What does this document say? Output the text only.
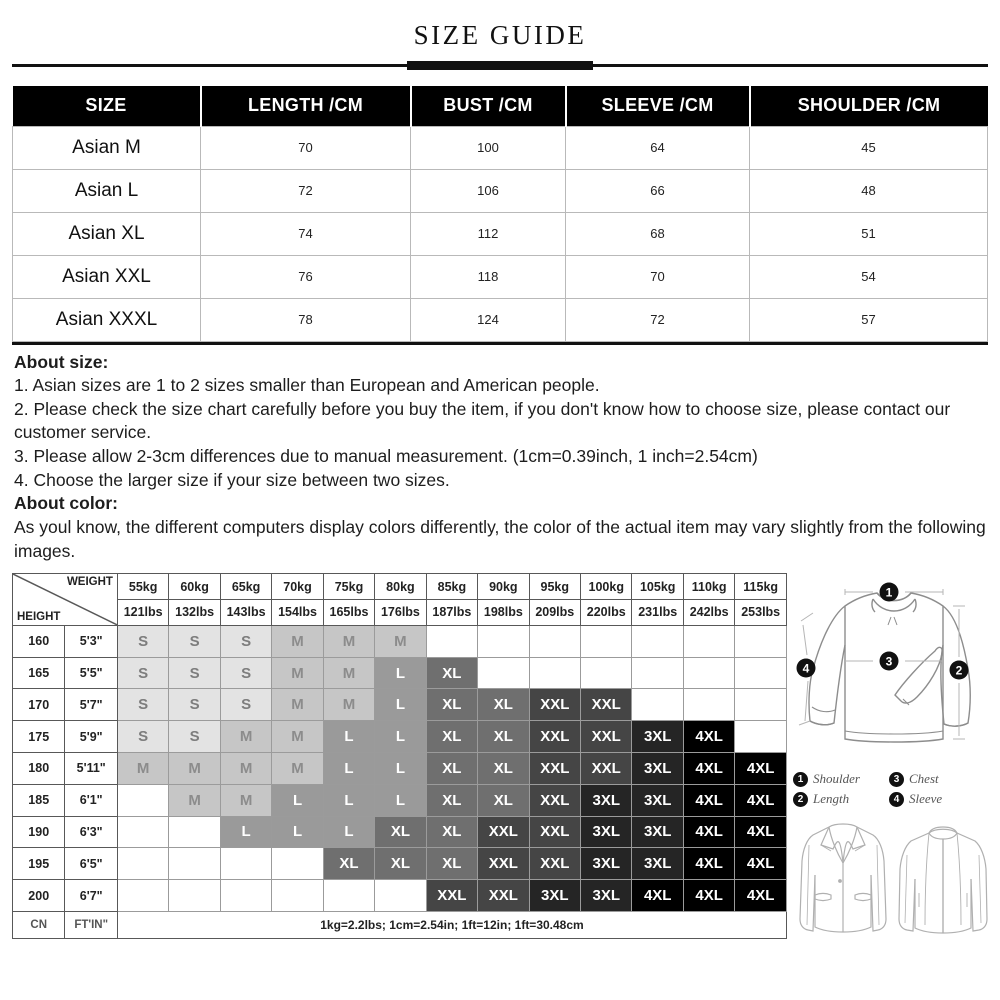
SIZE GUIDE
SIZE	LENGTH /CM	BUST /CM	SLEEVE /CM	SHOULDER /CM
Asian M	70	100	64	45
Asian L	72	106	66	48
Asian XL	74	112	68	51
Asian XXL	76	118	70	54
Asian XXXL	78	124	72	57

About size:

1. Asian sizes are 1 to 2 sizes smaller than European and American people.

2. Please check the size chart carefully before you buy the item, if you don't know how to choose size, please contact our customer service.

3. Please allow 2-3cm differences due to manual measurement. (1cm=0.39inch, 1 inch=2.54cm)

4. Choose the larger size if your size between two sizes.

About color:

As youl know, the different computers display colors differently, the color of the actual item may vary slightly from the following images.

WEIGHT
HEIGHT		55kg	60kg	65kg	70kg	75kg	80kg	85kg	90kg	95kg	100kg	105kg	110kg	115kg
		121lbs	132lbs	143lbs	154lbs	165lbs	176lbs	187lbs	198lbs	209lbs	220lbs	231lbs	242lbs	253lbs
160	5'3"	S	S	S	M	M	M							
165	5'5"	S	S	S	M	M	L	XL						
170	5'7"	S	S	S	M	M	L	XL	XL	XXL	XXL			
175	5'9"	S	S	M	M	L	L	XL	XL	XXL	XXL	3XL	4XL	
180	5'11"	M	M	M	M	L	L	XL	XL	XXL	XXL	3XL	4XL	4XL
185	6'1"		M	M	L	L	L	XL	XL	XXL	3XL	3XL	4XL	4XL
190	6'3"			L	L	L	XL	XL	XXL	XXL	3XL	3XL	4XL	4XL
195	6'5"					XL	XL	XL	XXL	XXL	3XL	3XL	4XL	4XL
200	6'7"							XXL	XXL	3XL	3XL	4XL	4XL	4XL
CN	FT'IN"	1kg=2.2lbs; 1cm=2.54in; 1ft=12in; 1ft=30.48cm												
1
2
3
4
1 Shoulder	3 Chest
2 Length	4 Sleeve
